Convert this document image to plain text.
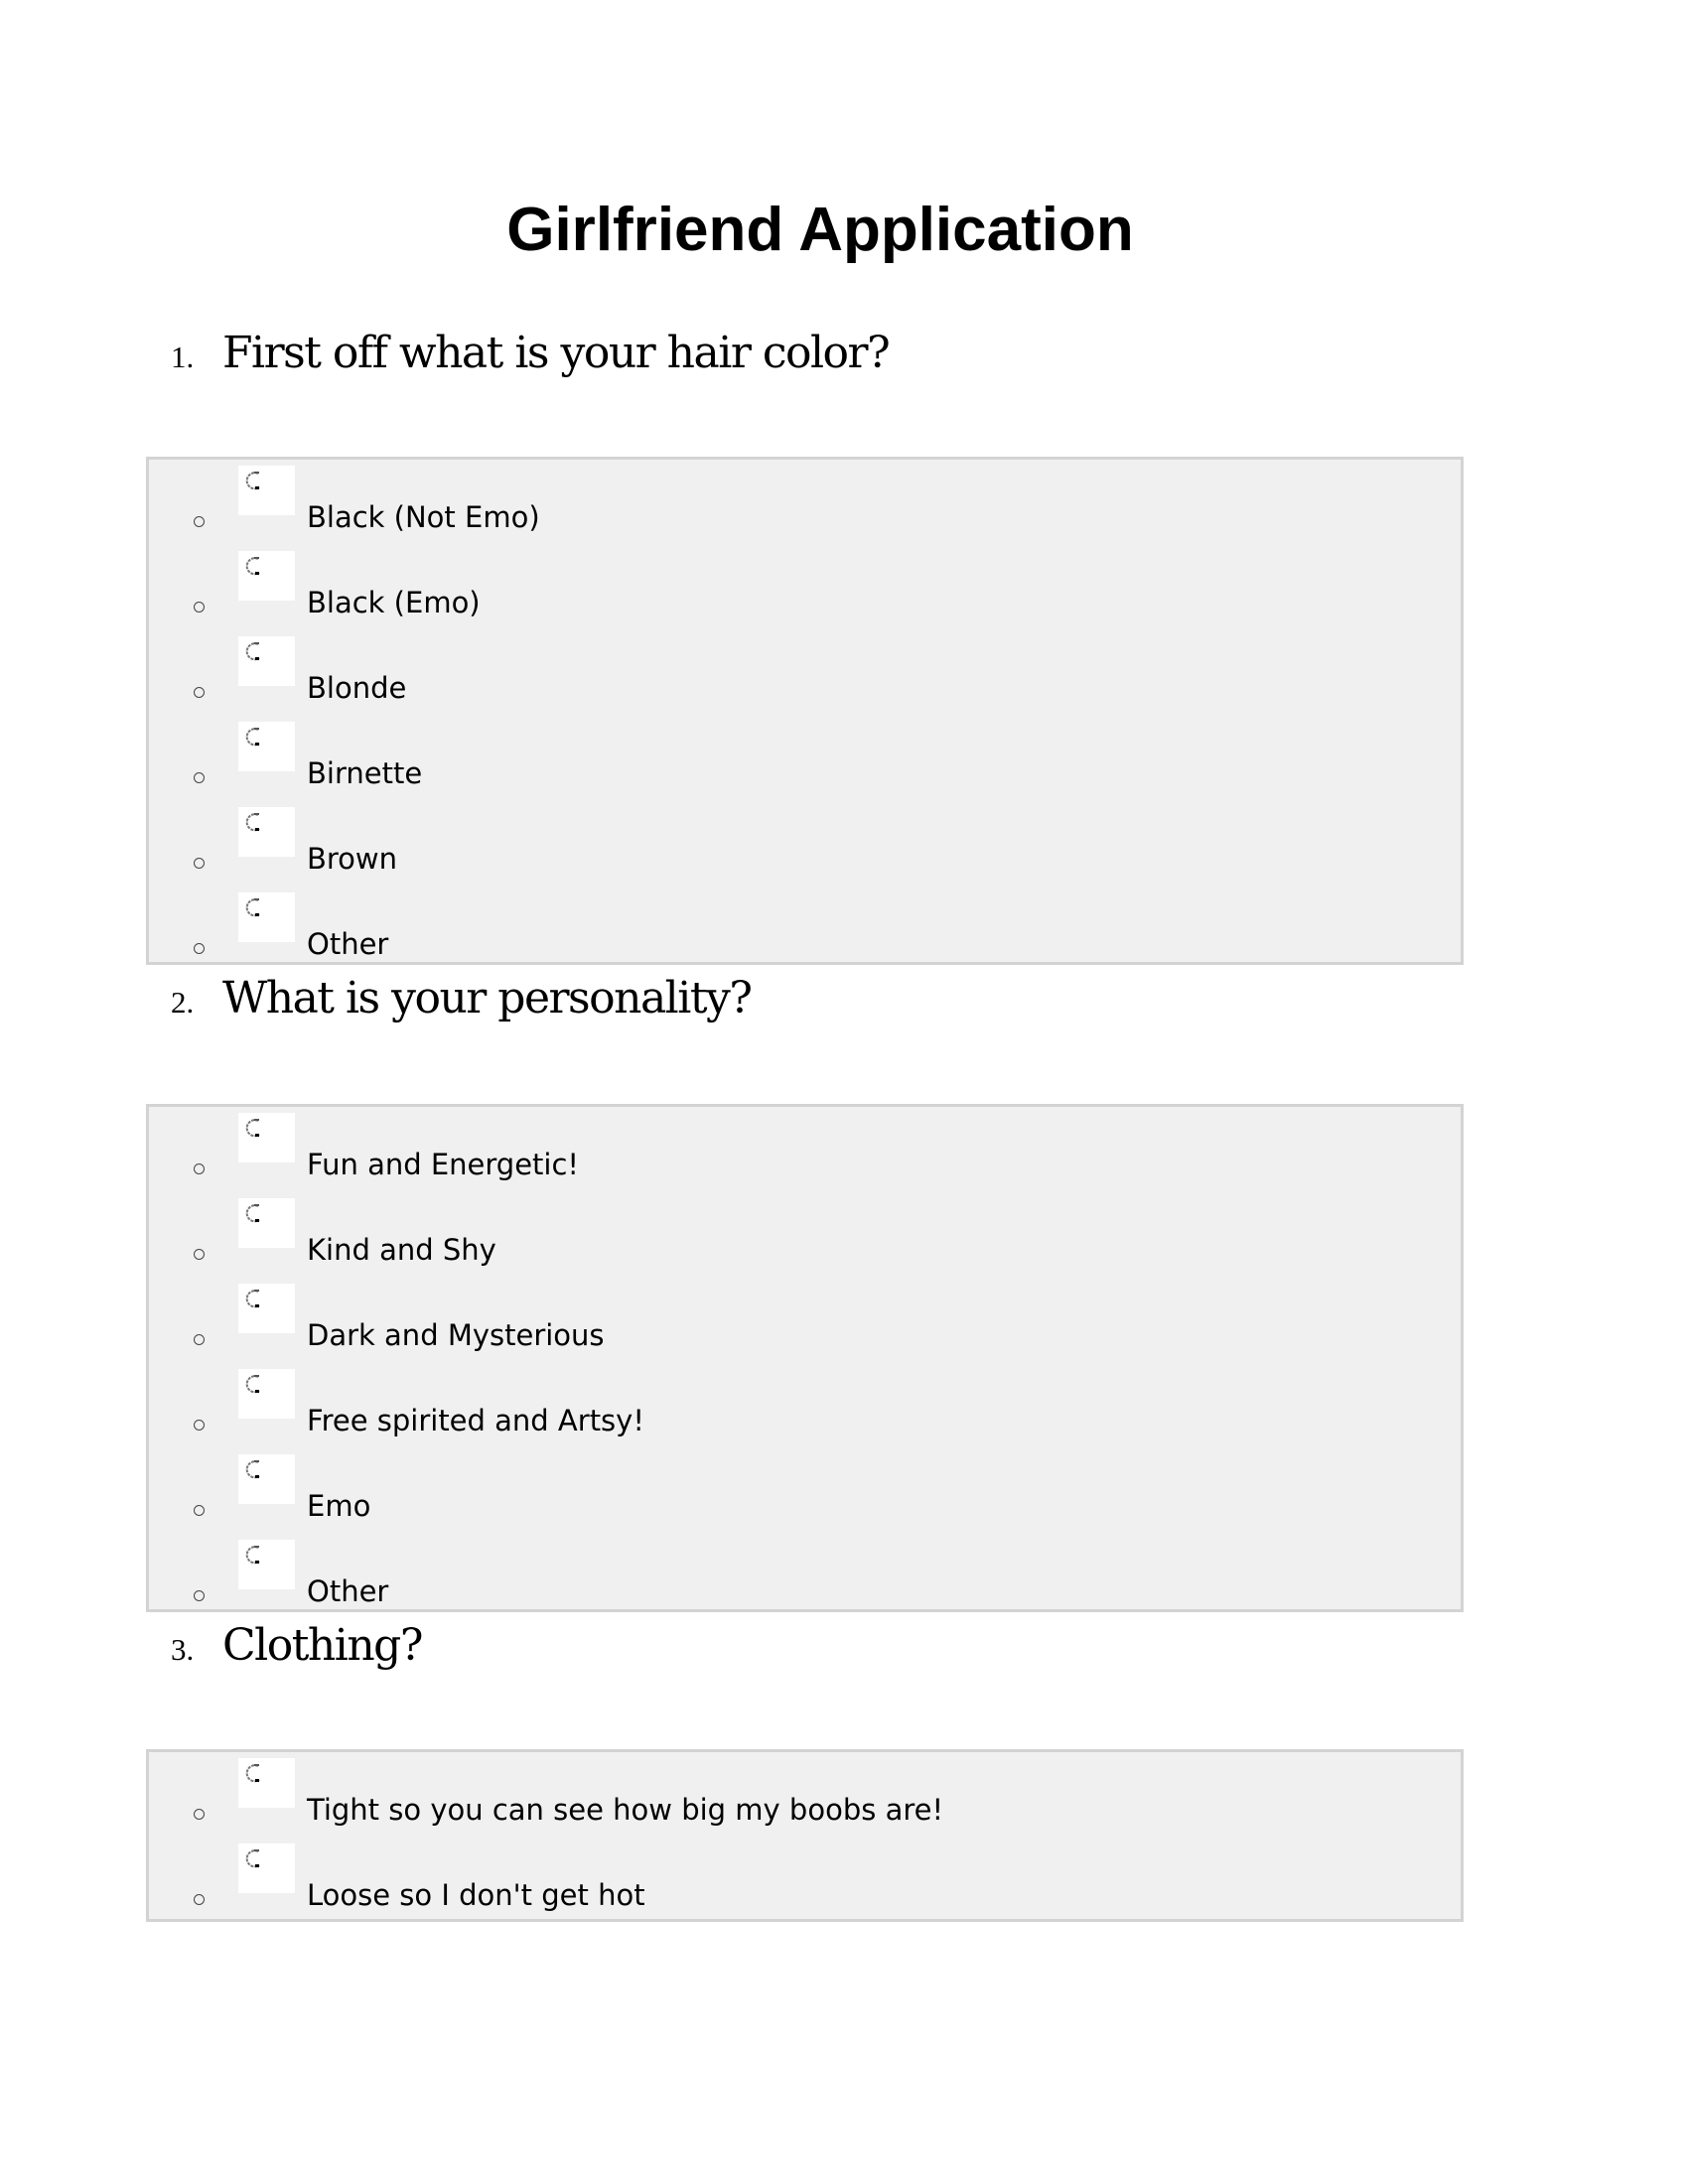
Girlfriend Application
1. First off what is your hair color?
Black (Not Emo)
Black (Emo)
Blonde
Birnette
Brown
Other
2. What is your personality?
Fun and Energetic!
Kind and Shy
Dark and Mysterious
Free spirited and Artsy!
Emo
Other
3. Clothing?
Tight so you can see how big my boobs are!
Loose so I don't get hot
